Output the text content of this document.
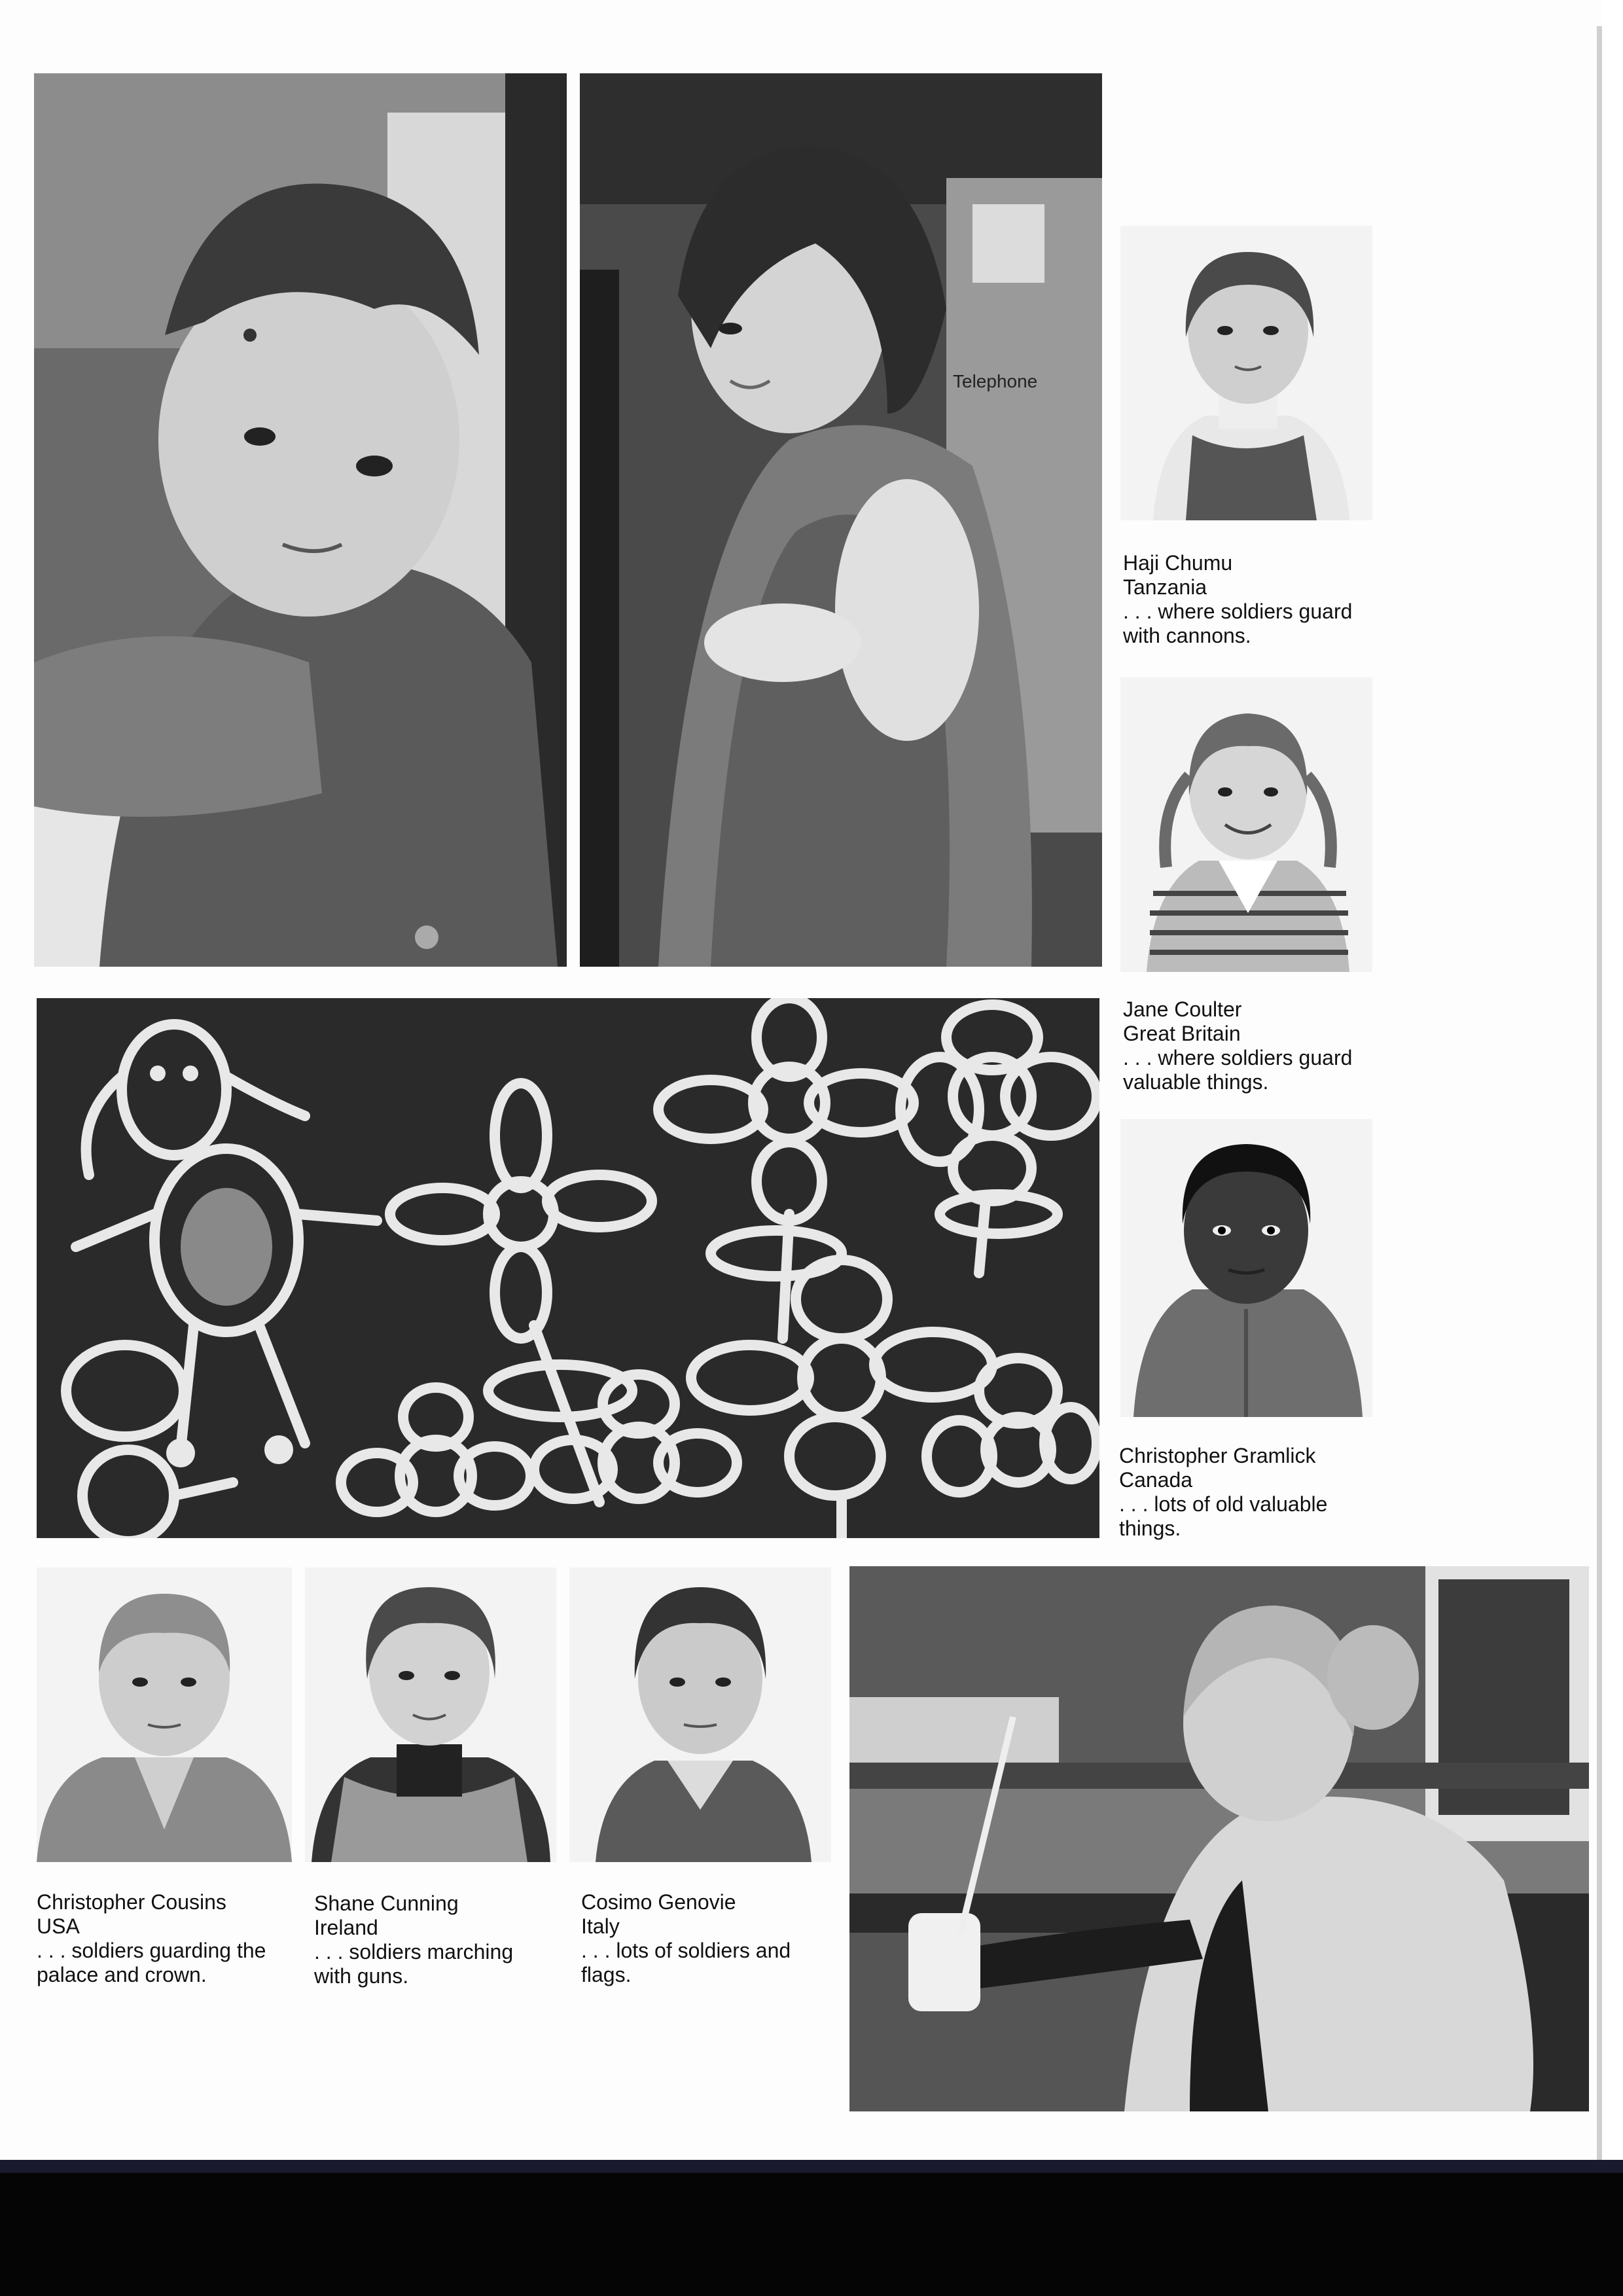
Telephone
Haji Chumu
Tanzania
. . . where soldiers guard
with cannons.
Jane Coulter
Great Britain
. . . where soldiers guard
valuable things.
Christopher Gramlick
Canada
. . . lots of old valuable
things.
Christopher Cousins
USA
. . . soldiers guarding the
palace and crown.
Shane Cunning
Ireland
. . . soldiers marching
with guns.
Cosimo Genovie
Italy
. . . lots of soldiers and
flags.
